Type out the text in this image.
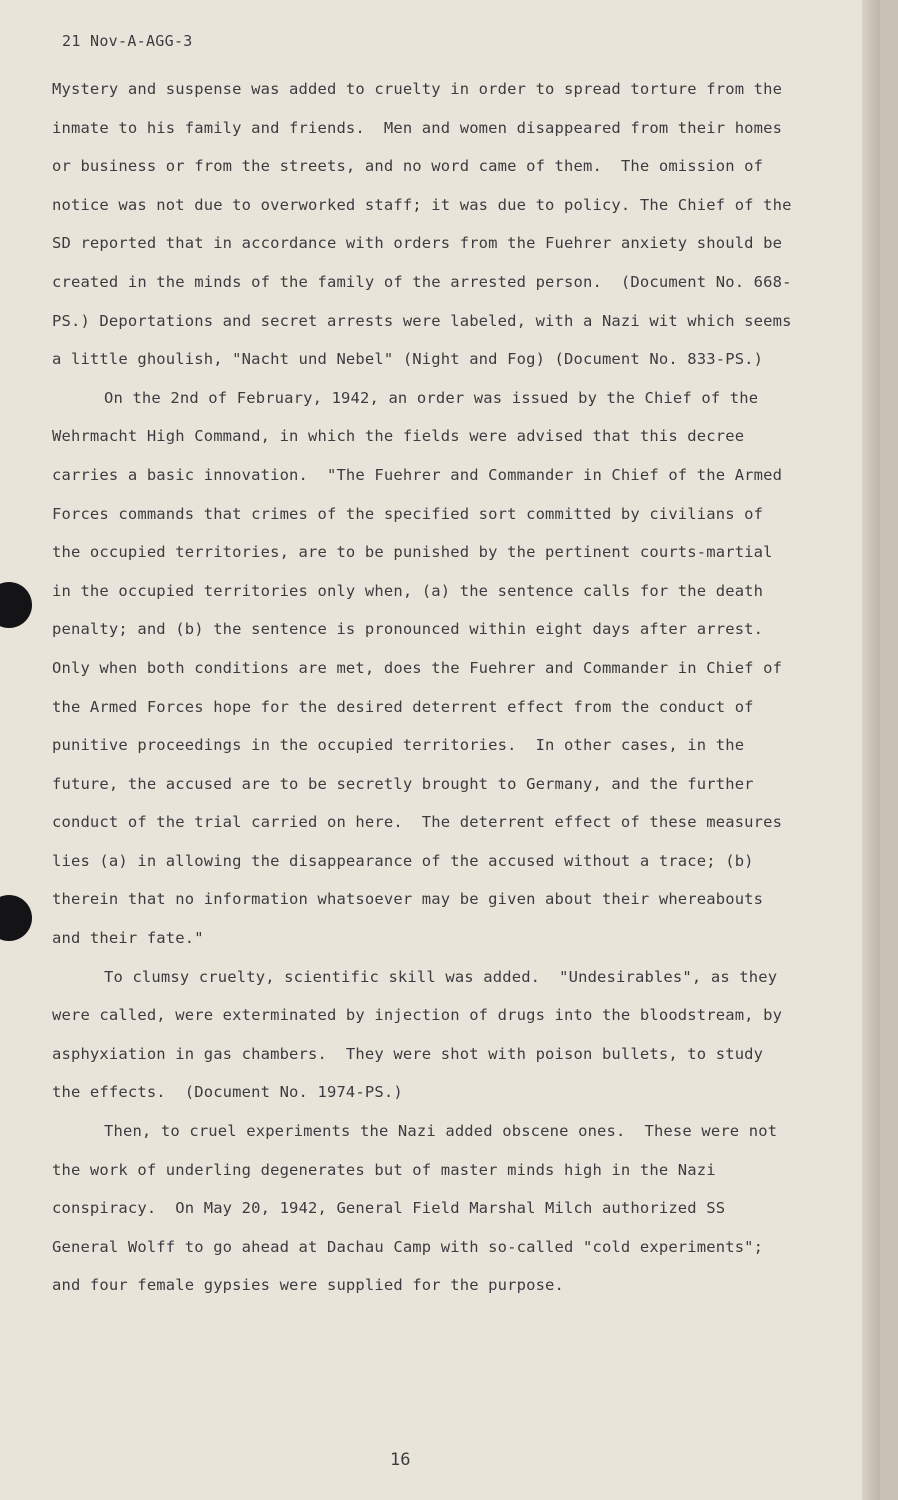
21 Nov-A-AGG-3

Mystery and suspense was added to cruelty in order to spread torture from the inmate to his family and friends.  Men and women disappeared from their homes or business or from the streets, and no word came of them.  The omission of notice was not due to overworked staff; it was due to policy. The Chief of the SD reported that in accordance with orders from the Fuehrer anxiety should be created in the minds of the family of the arrested person.  (Document No. 668-PS.) Deportations and secret arrests were labeled, with a Nazi wit which seems a little ghoulish, "Nacht und Nebel" (Night and Fog) (Document No. 833-PS.)

On the 2nd of February, 1942, an order was issued by the Chief of the Wehrmacht High Command, in which the fields were advised that this decree carries a basic innovation.  "The Fuehrer and Commander in Chief of the Armed Forces commands that crimes of the specified sort committed by civilians of the occupied territories, are to be punished by the pertinent courts-martial in the occupied territories only when, (a) the sentence calls for the death penalty; and (b) the sentence is pronounced within eight days after arrest.  Only when both conditions are met, does the Fuehrer and Commander in Chief of the Armed Forces hope for the desired deterrent effect from the conduct of punitive proceedings in the occupied territories.  In other cases, in the future, the accused are to be secretly brought to Germany, and the further conduct of the trial carried on here.  The deterrent effect of these measures lies (a) in allowing the disappearance of the accused without a trace; (b) therein that no information whatsoever may be given about their whereabouts and their fate."

To clumsy cruelty, scientific skill was added.  "Undesirables", as they were called, were exterminated by injection of drugs into the bloodstream, by asphyxiation in gas chambers.  They were shot with poison bullets, to study the effects.  (Document No. 1974-PS.)

Then, to cruel experiments the Nazi added obscene ones.  These were not the work of underling degenerates but of master minds high in the Nazi conspiracy.  On May 20, 1942, General Field Marshal Milch authorized SS General Wolff to go ahead at Dachau Camp with so-called "cold experiments"; and four female gypsies were supplied for the purpose.

16
